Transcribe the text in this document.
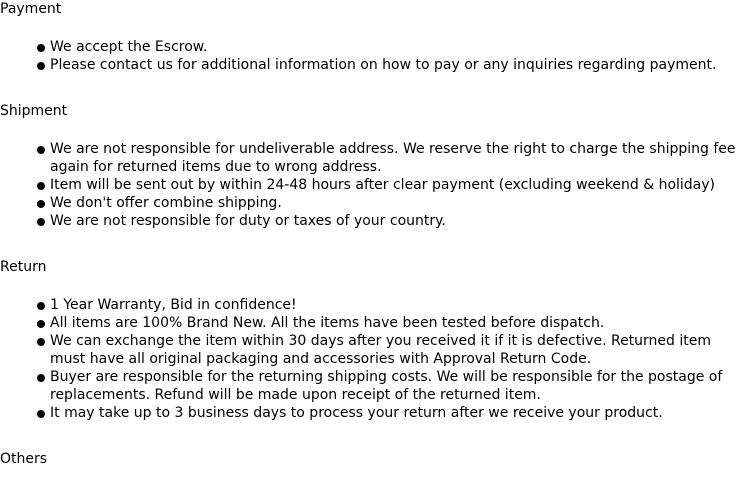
Payment
We accept the Escrow.
Please contact us for additional information on how to pay or any inquiries regarding payment.
Shipment
We are not responsible for undeliverable address. We reserve the right to charge the shipping fee again for returned items due to wrong address.
Item will be sent out by within 24-48 hours after clear payment (excluding weekend & holiday)
We don't offer combine shipping.
We are not responsible for duty or taxes of your country.
Return
1 Year Warranty, Bid in confidence!
All items are 100% Brand New. All the items have been tested before dispatch.
We can exchange the item within 30 days after you received it if it is defective. Returned item must have all original packaging and accessories with Approval Return Code.
Buyer are responsible for the returning shipping costs. We will be responsible for the postage of replacements. Refund will be made upon receipt of the returned item.
It may take up to 3 business days to process your return after we receive your product.
Others
